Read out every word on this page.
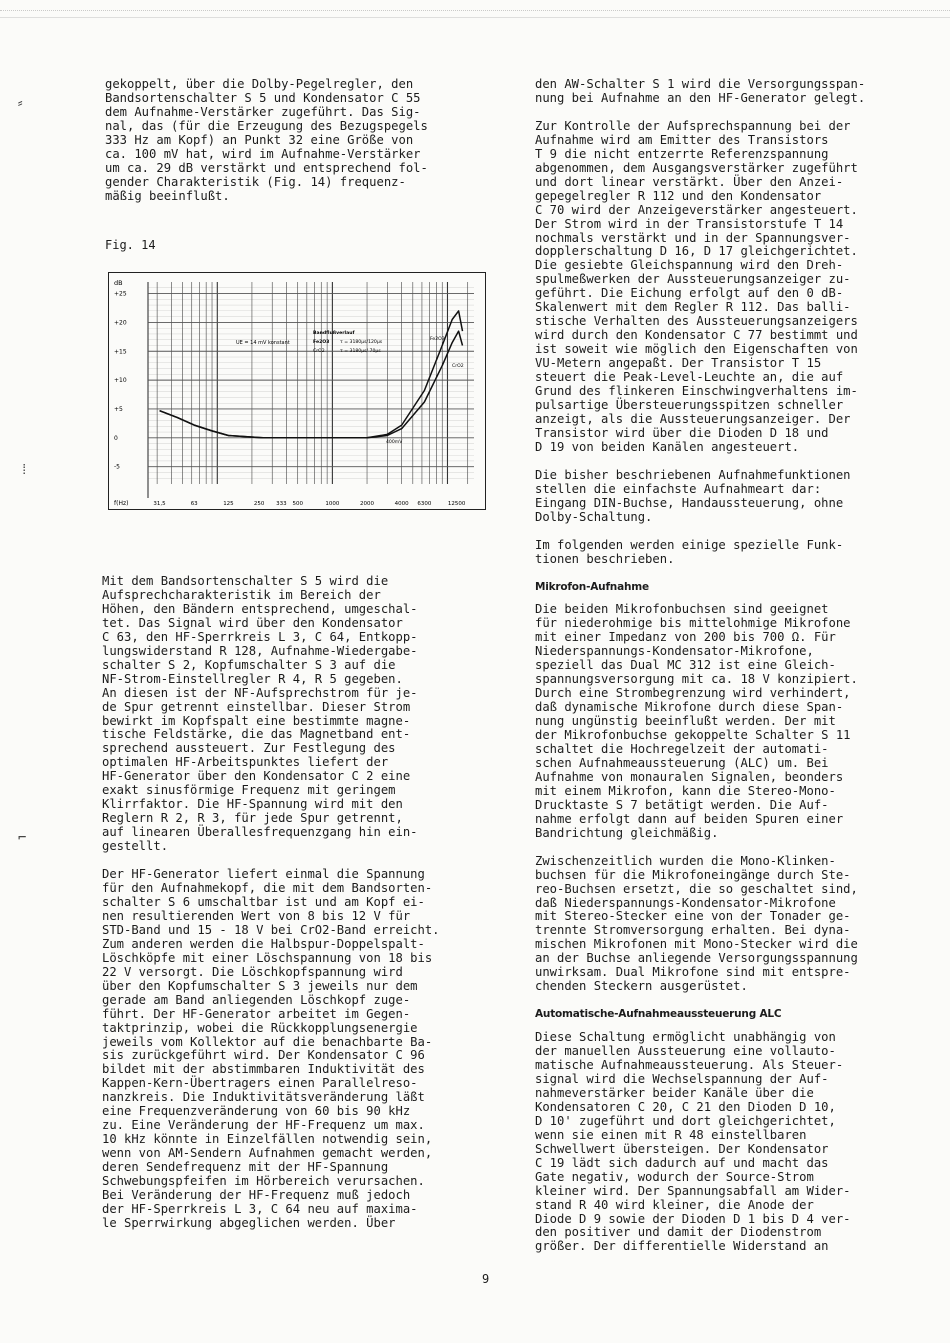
gekoppelt, über die Dolby-Pegelregler, den
Bandsortenschalter S 5 und Kondensator C 55
dem Aufnahme-Verstärker zugeführt. Das Sig-
nal, das (für die Erzeugung des Bezugspegels
333 Hz am Kopf) an Punkt 32 eine Größe von
ca. 100 mV hat, wird im Aufnahme-Verstärker
um ca. 29 dB verstärkt und entsprechend fol-
gender Charakteristik (Fig. 14) frequenz-
mäßig beeinflußt.

Fig. 14
dB
+25
+20
+15
+10
+5
0
-5
f(Hz)	31,5	63	125	250 333 500	1000	2000	4000 6300	12500
UE = 14 mV konstant
Bandflußverlauf
Fe2O3 τ = 3180µs/120µs
CrO2	τ = 3180µs/ 70µs
400mV
Fe2O3
CrO2

Mit dem Bandsortenschalter S 5 wird die
Aufsprechcharakteristik im Bereich der
Höhen, den Bändern entsprechend, umgeschal-
tet. Das Signal wird über den Kondensator
C 63, den HF-Sperrkreis L 3, C 64, Entkopp-
lungswiderstand R 128, Aufnahme-Wiedergabe-
schalter S 2, Kopfumschalter S 3 auf die
NF-Strom-Einstellregler R 4, R 5 gegeben.
An diesen ist der NF-Aufsprechstrom für je-
de Spur getrennt einstellbar. Dieser Strom
bewirkt im Kopfspalt eine bestimmte magne-
tische Feldstärke, die das Magnetband ent-
sprechend aussteuert. Zur Festlegung des
optimalen HF-Arbeitspunktes liefert der
HF-Generator über den Kondensator C 2 eine
exakt sinusförmige Frequenz mit geringem
Klirrfaktor. Die HF-Spannung wird mit den
Reglern R 2, R 3, für jede Spur getrennt,
auf linearen Überallesfrequenzgang hin ein-
gestellt.

Der HF-Generator liefert einmal die Spannung
für den Aufnahmekopf, die mit dem Bandsorten-
schalter S 6 umschaltbar ist und am Kopf ei-
nen resultierenden Wert von 8 bis 12 V für
STD-Band und 15 - 18 V bei CrO2-Band erreicht.
Zum anderen werden die Halbspur-Doppelspalt-
Löschköpfe mit einer Löschspannung von 18 bis
22 V versorgt. Die Löschkopfspannung wird
über den Kopfumschalter S 3 jeweils nur dem
gerade am Band anliegenden Löschkopf zuge-
führt. Der HF-Generator arbeitet im Gegen-
taktprinzip, wobei die Rückkopplungsenergie
jeweils vom Kollektor auf die benachbarte Ba-
sis zurückgeführt wird. Der Kondensator C 96
bildet mit der abstimmbaren Induktivität des
Kappen-Kern-Übertragers einen Parallelreso-
nanzkreis. Die Induktivitätsveränderung läßt
eine Frequenzveränderung von 60 bis 90 kHz
zu. Eine Veränderung der HF-Frequenz um max.
10 kHz könnte in Einzelfällen notwendig sein,
wenn von AM-Sendern Aufnahmen gemacht werden,
deren Sendefrequenz mit der HF-Spannung
Schwebungspfeifen im Hörbereich verursachen.
Bei Veränderung der HF-Frequenz muß jedoch
der HF-Sperrkreis L 3, C 64 neu auf maxima-
le Sperrwirkung abgeglichen werden. Über

den AW-Schalter S 1 wird die Versorgungsspan-
nung bei Aufnahme an den HF-Generator gelegt.

Zur Kontrolle der Aufsprechspannung bei der
Aufnahme wird am Emitter des Transistors
T 9 die nicht entzerrte Referenzspannung
abgenommen, dem Ausgangsverstärker zugeführt
und dort linear verstärkt. Über den Anzei-
gepegelregler R 112 und den Kondensator
C 70 wird der Anzeigeverstärker angesteuert.
Der Strom wird in der Transistorstufe T 14
nochmals verstärkt und in der Spannungsver-
dopplerschaltung D 16, D 17 gleichgerichtet.
Die gesiebte Gleichspannung wird den Dreh-
spulmeßwerken der Aussteuerungsanzeiger zu-
geführt. Die Eichung erfolgt auf den 0 dB-
Skalenwert mit dem Regler R 112. Das balli-
stische Verhalten des Aussteuerungsanzeigers
wird durch den Kondensator C 77 bestimmt und
ist soweit wie möglich den Eigenschaften von
VU-Metern angepaßt. Der Transistor T 15
steuert die Peak-Level-Leuchte an, die auf
Grund des flinkeren Einschwingverhaltens im-
pulsartige Übersteuerungsspitzen schneller
anzeigt, als die Aussteuerungsanzeiger. Der
Transistor wird über die Dioden D 18 und
D 19 von beiden Kanälen angesteuert.

Die bisher beschriebenen Aufnahmefunktionen
stellen die einfachste Aufnahmeart dar:
Eingang DIN-Buchse, Handaussteuerung, ohne
Dolby-Schaltung.

Im folgenden werden einige spezielle Funk-
tionen beschrieben.

Mikrofon-Aufnahme

Die beiden Mikrofonbuchsen sind geeignet
für niederohmige bis mittelohmige Mikrofone
mit einer Impedanz von 200 bis 700 Ω. Für
Niederspannungs-Kondensator-Mikrofone,
speziell das Dual MC 312 ist eine Gleich-
spannungsversorgung mit ca. 18 V konzipiert.
Durch eine Strombegrenzung wird verhindert,
daß dynamische Mikrofone durch diese Span-
nung ungünstig beeinflußt werden. Der mit
der Mikrofonbuchse gekoppelte Schalter S 11
schaltet die Hochregelzeit der automati-
schen Aufnahmeaussteuerung (ALC) um. Bei
Aufnahme von monauralen Signalen, beonders
mit einem Mikrofon, kann die Stereo-Mono-
Drucktaste S 7 betätigt werden. Die Auf-
nahme erfolgt dann auf beiden Spuren einer
Bandrichtung gleichmäßig.

Zwischenzeitlich wurden die Mono-Klinken-
buchsen für die Mikrofoneingänge durch Ste-
reo-Buchsen ersetzt, die so geschaltet sind,
daß Niederspannungs-Kondensator-Mikrofone
mit Stereo-Stecker eine von der Tonader ge-
trennte Stromversorgung erhalten. Bei dyna-
mischen Mikrofonen mit Mono-Stecker wird die
an der Buchse anliegende Versorgungsspannung
unwirksam. Dual Mikrofone sind mit entspre-
chenden Steckern ausgerüstet.

Automatische-Aufnahmeaussteuerung ALC

Diese Schaltung ermöglicht unabhängig von
der manuellen Aussteuerung eine vollauto-
matische Aufnahmeaussteuerung. Als Steuer-
signal wird die Wechselspannung der Auf-
nahmeverstärker beider Kanäle über die
Kondensatoren C 20, C 21 den Dioden D 10,
D 10' zugeführt und dort gleichgerichtet,
wenn sie einen mit R 48 einstellbaren
Schwellwert übersteigen. Der Kondensator
C 19 lädt sich dadurch auf und macht das
Gate negativ, wodurch der Source-Strom
kleiner wird. Der Spannungsabfall am Wider-
stand R 40 wird kleiner, die Anode der
Diode D 9 sowie der Dioden D 1 bis D 4 ver-
den positiver und damit der Diodenstrom
größer. Der differentielle Widerstand an

9
⸗
⁞
⌐
